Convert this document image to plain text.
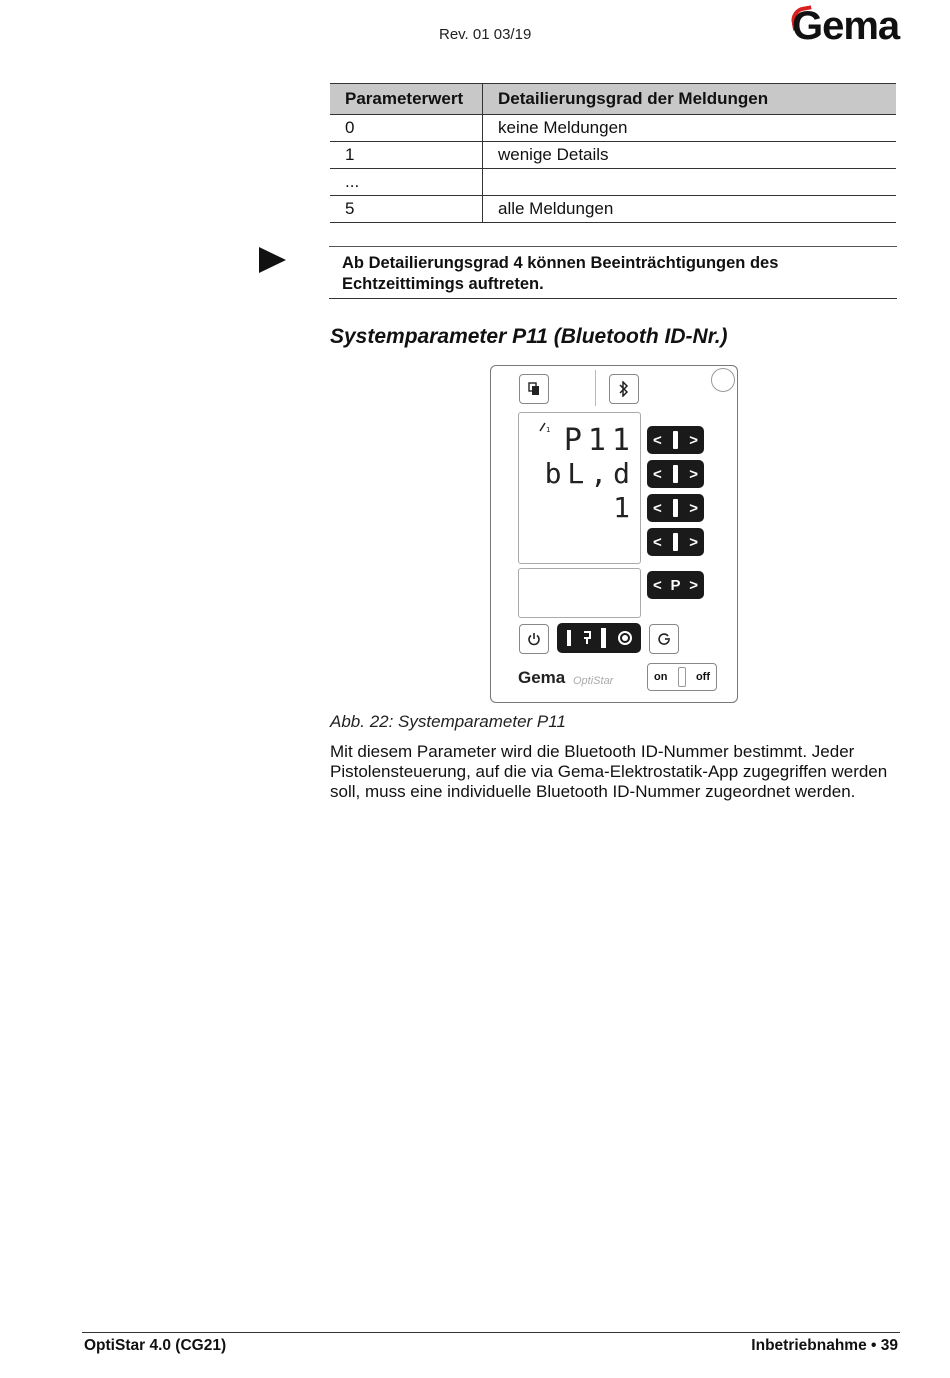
Rev. 01 03/19	Gema
Parameterwert	Detailierungsgrad der Meldungen
0	keine Meldungen
1	wenige Details
...	
5	alle Meldungen

Ab Detailierungsgrad 4 können Beeinträchtigungen des Echtzeittimings auftreten.

Systemparameter P11 (Bluetooth ID-Nr.)
1 P11
bL,d
1
< >
< >
< >
< >
< P >
Gema OptiStar	on	off
Abb. 22: Systemparameter P11

Mit diesem Parameter wird die Bluetooth ID-Nummer bestimmt. Jeder Pistolensteuerung, auf die via Gema-Elektrostatik-App zugegriffen werden soll, muss eine individuelle Bluetooth ID-Nummer zugeordnet werden.

OptiStar 4.0 (CG21)	Inbetriebnahme • 39
